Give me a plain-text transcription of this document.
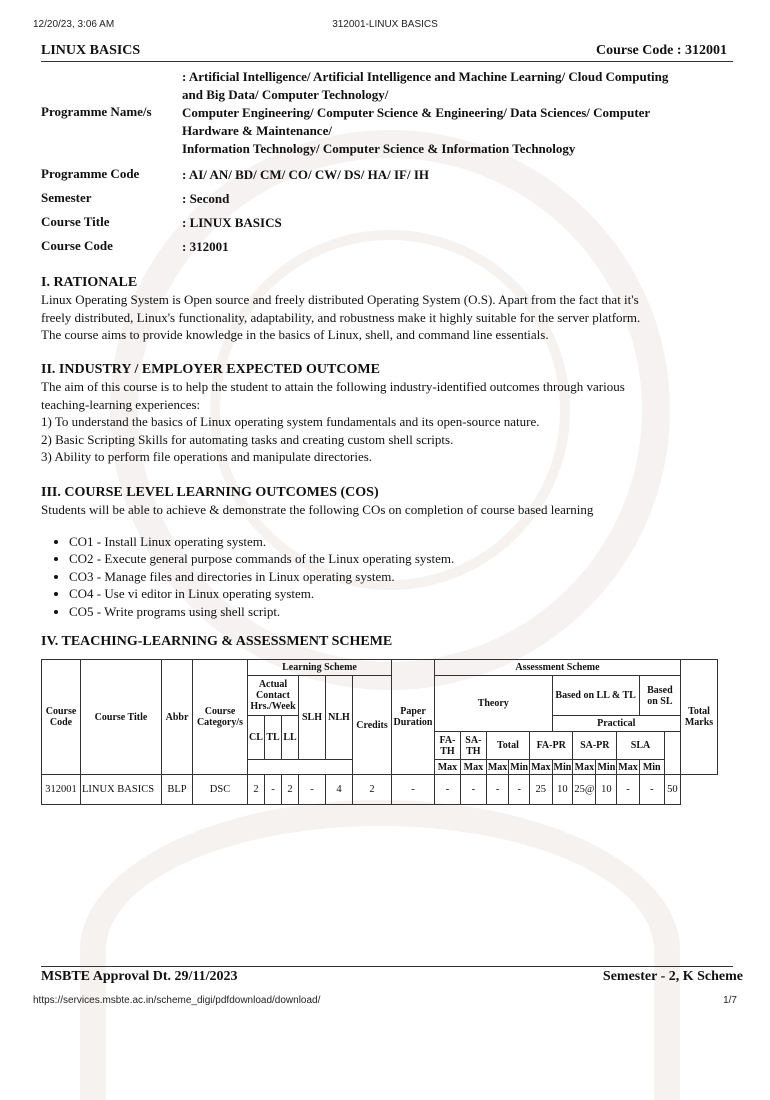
12/20/23, 3:06 AM	312001-LINUX BASICS
LINUX BASICS	Course Code : 312001
Programme Name/s
: Artificial Intelligence/ Artificial Intelligence and Machine Learning/ Cloud Computing
and Big Data/ Computer Technology/
Computer Engineering/ Computer Science & Engineering/ Data Sciences/ Computer
Hardware & Maintenance/
Information Technology/ Computer Science & Information Technology
Programme Code	: AI/ AN/ BD/ CM/ CO/ CW/ DS/ HA/ IF/ IH
Semester	: Second
Course Title	: LINUX BASICS
Course Code	: 312001

I. RATIONALE

Linux Operating System is Open source and freely distributed Operating System (O.S). Apart from the fact that it's

freely distributed, Linux's functionality, adaptability, and robustness make it highly suitable for the server platform.

The course aims to provide knowledge in the basics of Linux, shell, and command line essentials.

II. INDUSTRY / EMPLOYER EXPECTED OUTCOME

The aim of this course is to help the student to attain the following industry-identified outcomes through various

teaching-learning experiences:

1) To understand the basics of Linux operating system fundamentals and its open-source nature.

2) Basic Scripting Skills for automating tasks and creating custom shell scripts.

3) Ability to perform file operations and manipulate directories.

III. COURSE LEVEL LEARNING OUTCOMES (COS)

Students will be able to achieve & demonstrate the following COs on completion of course based learning

• CO1 - Install Linux operating system.
• CO2 - Execute general purpose commands of the Linux operating system.
• CO3 - Manage files and directories in Linux operating system.
• CO4 - Use vi editor in Linux operating system.
• CO5 - Write programs using shell script.

IV. TEACHING-LEARNING & ASSESSMENT SCHEME

Course Code	Course Title	Abbr	Course Category/s	Learning Scheme						Paper Duration	Assessment Scheme											Total Marks
				Actual Contact Hrs./Week			SLH	NLH	Credits		Theory					Based on LL & TL				Based on SL		
				CL	TL	LL										Practical						
											FA-TH	SA-TH	Total		FA-PR		SA-PR		SLA		
											Max	Max	Max	Min	Max	Min	Max	Min	Max	Min		
312001	LINUX BASICS	BLP	DSC	2	-	2	-	4	2	-	-	-	-	-	25	10	25@	10	-	-	50	
MSBTE Approval Dt. 29/11/2023	Semester - 2, K Scheme
https://services.msbte.ac.in/scheme_digi/pdfdownload/download/	1/7
